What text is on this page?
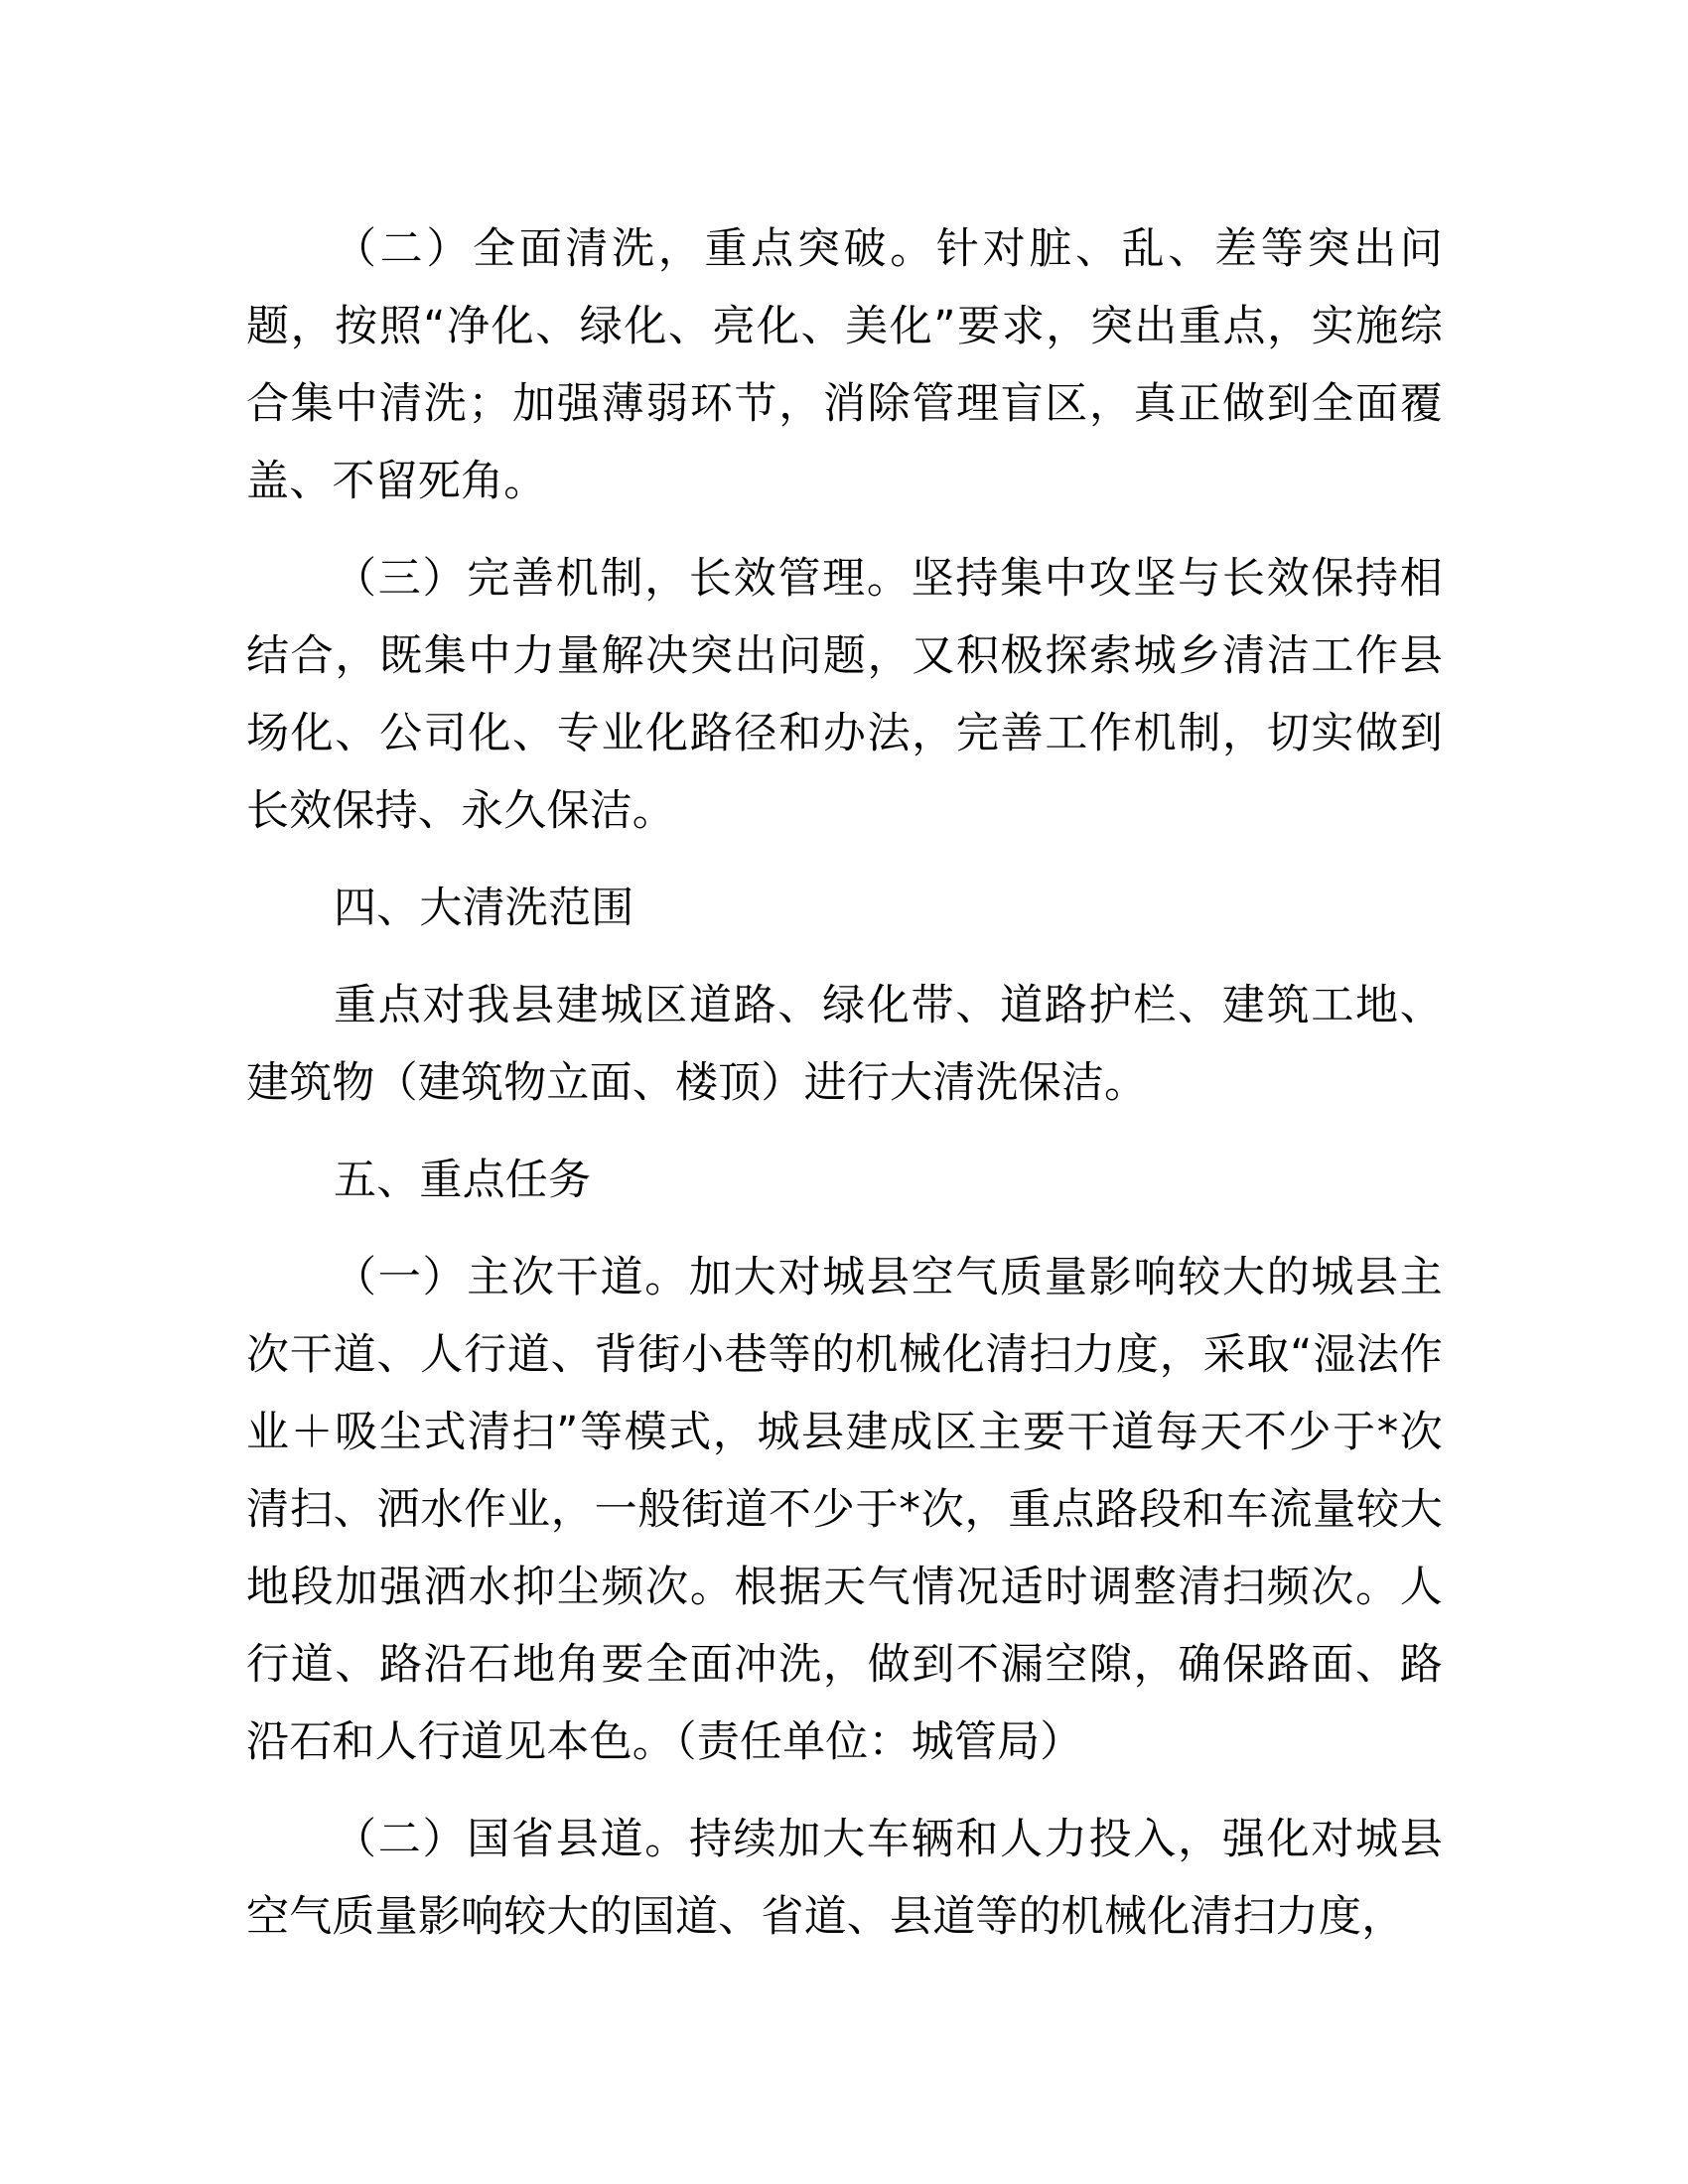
（二）全面清洗，重点突破。针对脏、乱、差等突出问题，按照“净化、绿化、亮化、美化”要求，突出重点，实施综合集中清洗；加强薄弱环节，消除管理盲区，真正做到全面覆盖、不留死角。

（三）完善机制，长效管理。坚持集中攻坚与长效保持相结合，既集中力量解决突出问题，又积极探索城乡清洁工作县场化、公司化、专业化路径和办法，完善工作机制，切实做到长效保持、永久保洁。

四、大清洗范围

重点对我县建城区道路、绿化带、道路护栏、建筑工地、建筑物（建筑物立面、楼顶）进行大清洗保洁。

五、重点任务

（一）主次干道。加大对城县空气质量影响较大的城县主次干道、人行道、背街小巷等的机械化清扫力度，采取“湿法作业＋吸尘式清扫”等模式，城县建成区主要干道每天不少于*次清扫、洒水作业，一般街道不少于*次，重点路段和车流量较大地段加强洒水抑尘频次。根据天气情况适时调整清扫频次。人行道、路沿石地角要全面冲洗，做到不漏空隙，确保路面、路沿石和人行道见本色。（责任单位：城管局）

（二）国省县道。持续加大车辆和人力投入，强化对城县空气质量影响较大的国道、省道、县道等的机械化清扫力度，
